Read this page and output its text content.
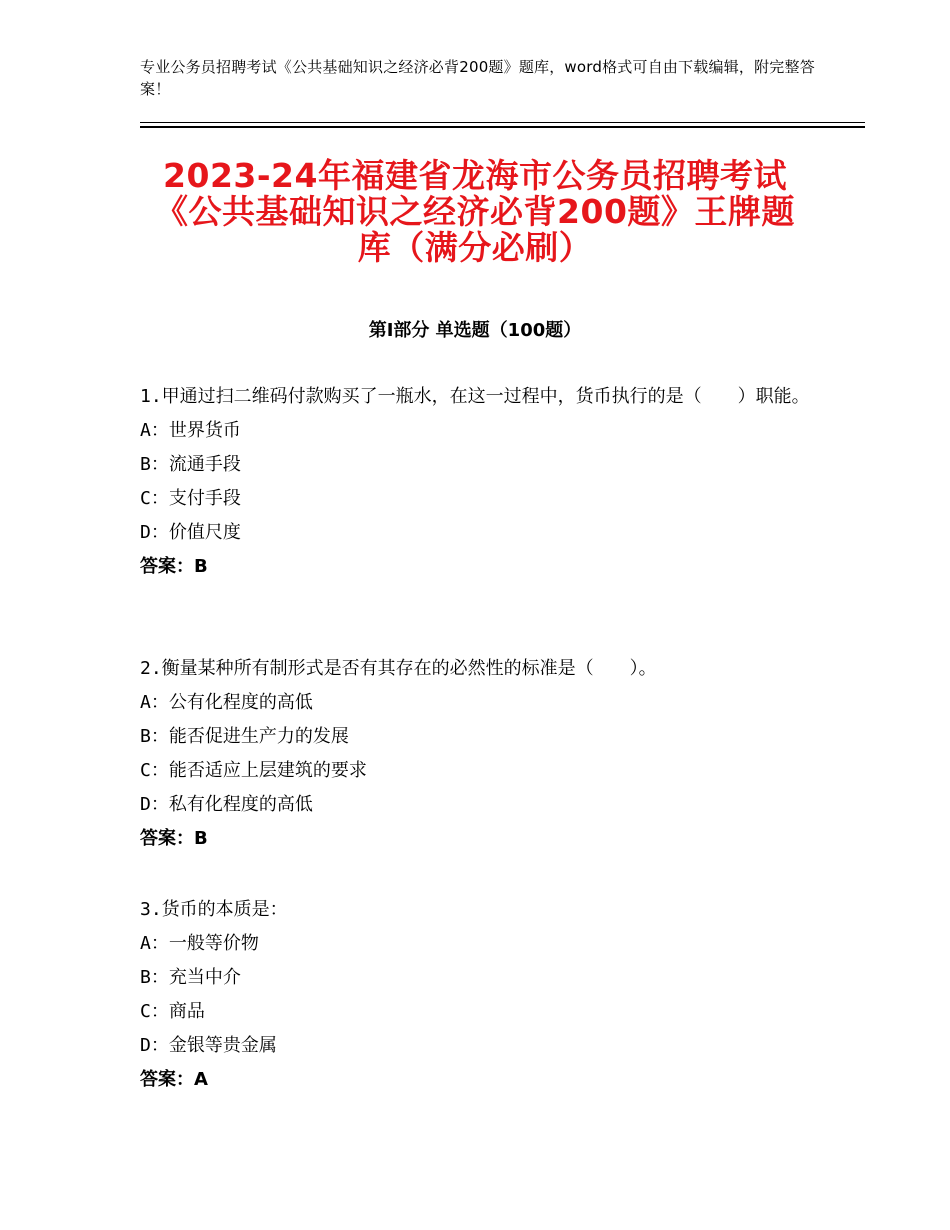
专业公务员招聘考试《公共基础知识之经济必背200题》题库，word格式可自由下载编辑，附完整答案！
2023-24年福建省龙海市公务员招聘考试《公共基础知识之经济必背200题》王牌题库（满分必刷）
第I部分 单选题（100题）
1.甲通过扫二维码付款购买了一瓶水，在这一过程中，货币执行的是（　　）职能。
A：世界货币
B：流通手段
C：支付手段
D：价值尺度
答案：B
2.衡量某种所有制形式是否有其存在的必然性的标准是（　　）。
A：公有化程度的高低
B：能否促进生产力的发展
C：能否适应上层建筑的要求
D：私有化程度的高低
答案：B
3.货币的本质是：
A：一般等价物
B：充当中介
C：商品
D：金银等贵金属
答案：A
